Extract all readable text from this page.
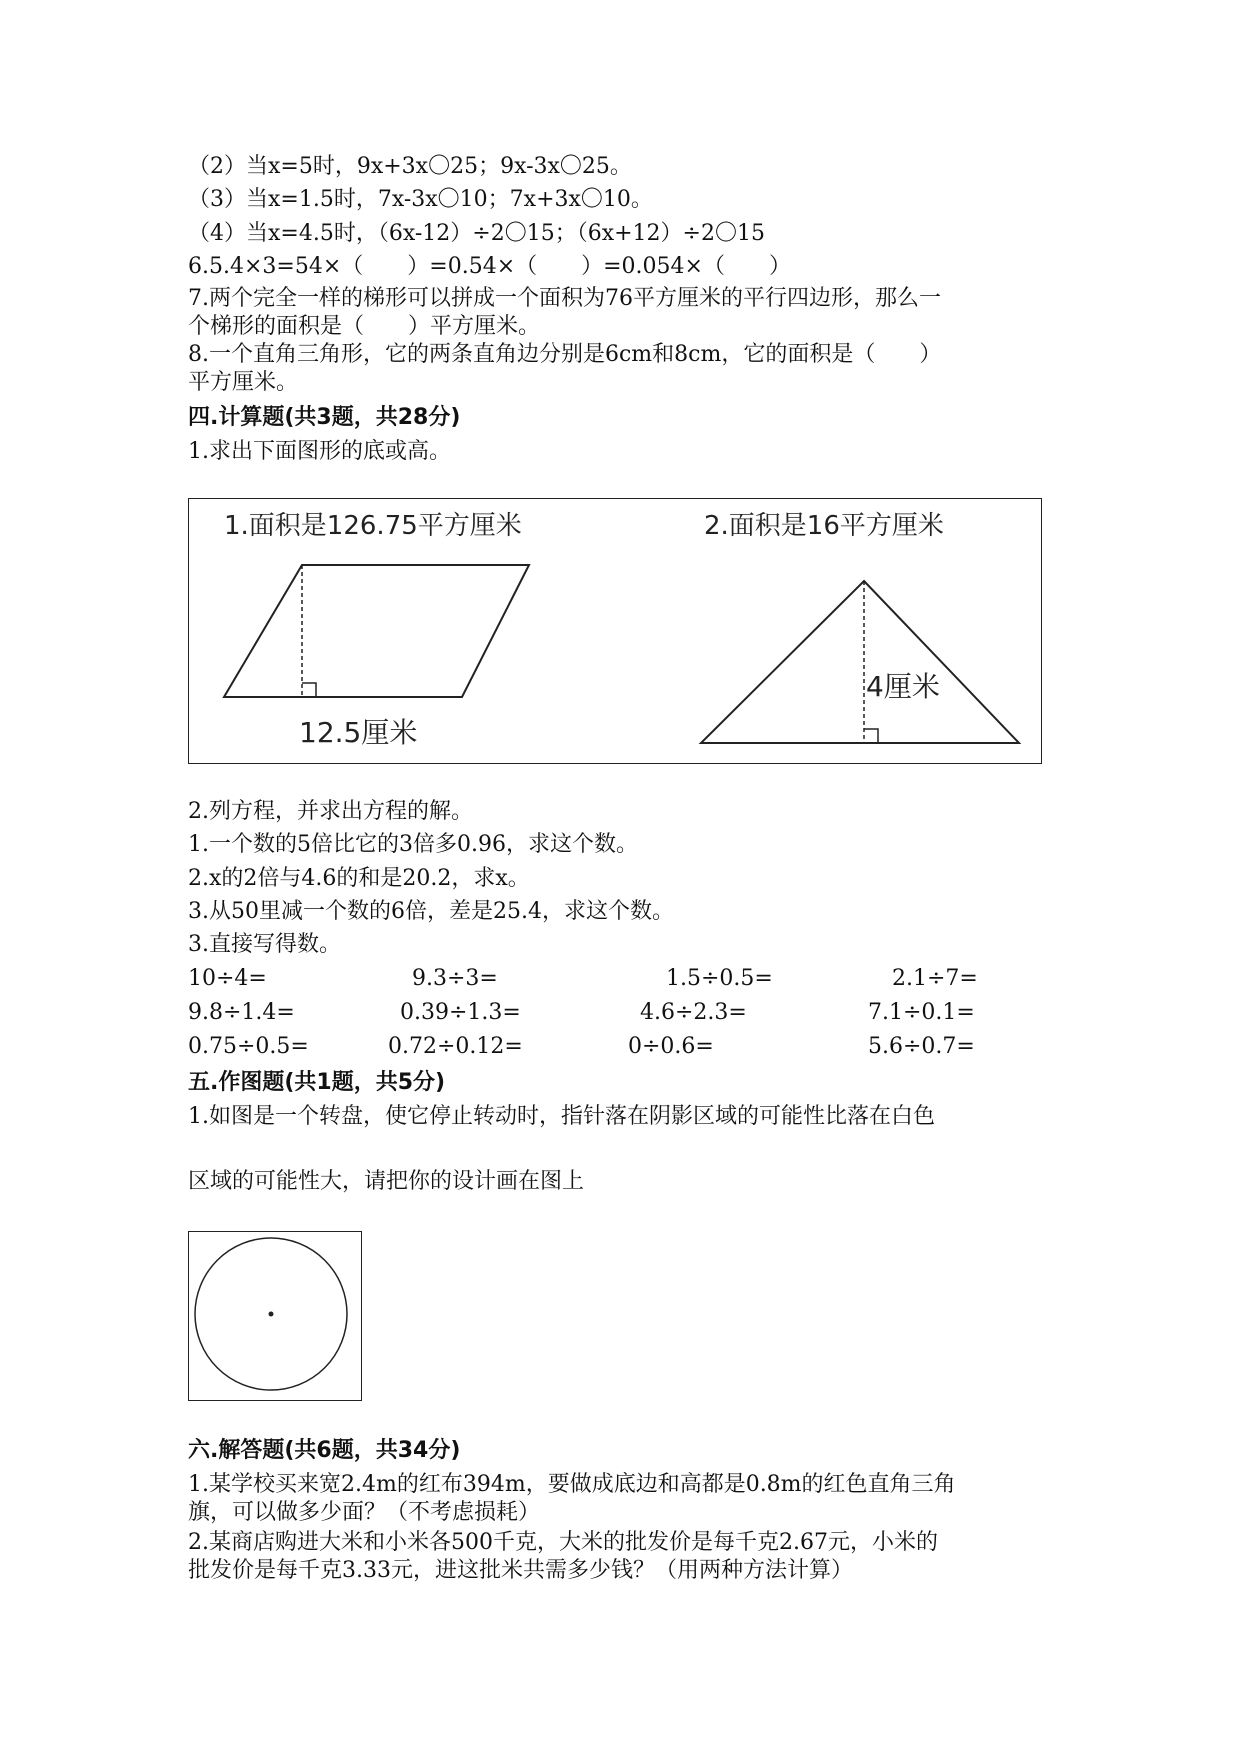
（2）当x=5时，9x+3x〇25；9x-3x〇25。

（3）当x=1.5时，7x-3x〇10；7x+3x〇10。

（4）当x=4.5时，（6x-12）÷2〇15；（6x+12）÷2〇15

6.5.4×3=54×（　　）=0.54×（　　）=0.054×（　　）

7.两个完全一样的梯形可以拼成一个面积为76平方厘米的平行四边形，那么一

个梯形的面积是（　　）平方厘米。

8.一个直角三角形，它的两条直角边分别是6cm和8cm，它的面积是（　　）

平方厘米。

四.计算题(共3题，共28分)

1.求出下面图形的底或高。

1.面积是126.75平方厘米	2.面积是16平方厘米
12.5厘米
4厘米

2.列方程，并求出方程的解。

1.一个数的5倍比它的3倍多0.96，求这个数。

2.x的2倍与4.6的和是20.2，求x。

3.从50里减一个数的6倍，差是25.4，求这个数。

3.直接写得数。

10÷4=	9.3÷3=	1.5÷0.5=	2.1÷7=
9.8÷1.4=	0.39÷1.3=	4.6÷2.3=	7.1÷0.1=
0.75÷0.5=	0.72÷0.12=	0÷0.6=	5.6÷0.7=

五.作图题(共1题，共5分)

1.如图是一个转盘，使它停止转动时，指针落在阴影区域的可能性比落在白色

区域的可能性大，请把你的设计画在图上

六.解答题(共6题，共34分)

1.某学校买来宽2.4m的红布394m，要做成底边和高都是0.8m的红色直角三角

旗，可以做多少面？（不考虑损耗）

2.某商店购进大米和小米各500千克，大米的批发价是每千克2.67元，小米的

批发价是每千克3.33元，进这批米共需多少钱？（用两种方法计算）
